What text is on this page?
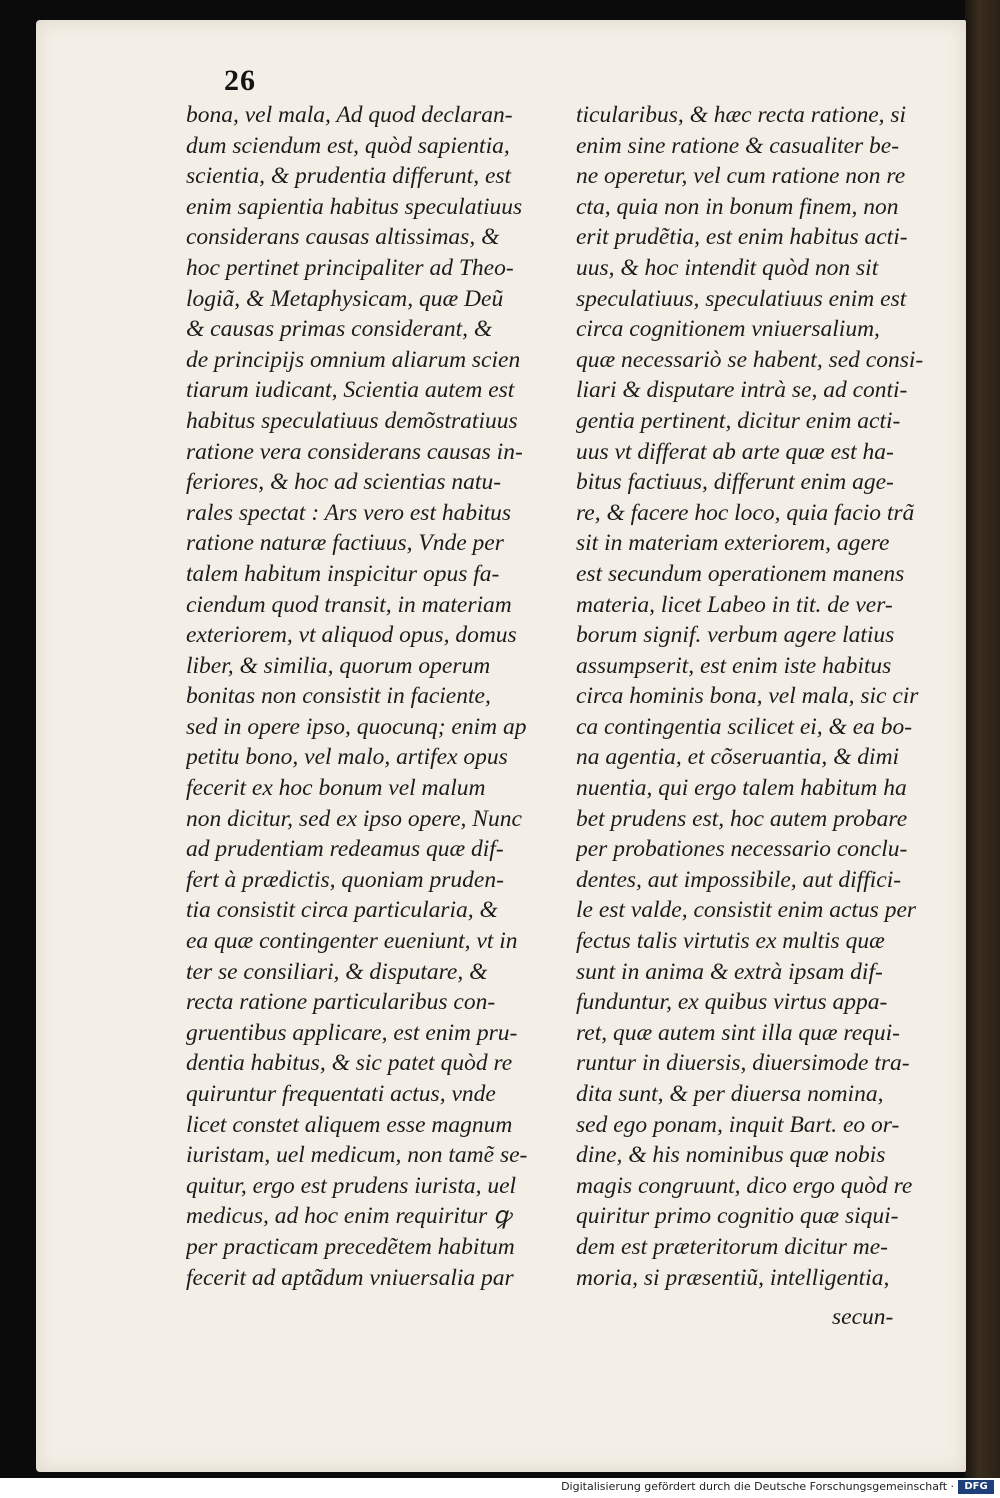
26
bona, vel mala, Ad quod declaran-
dum sciendum est, quòd sapientia,
scientia, & prudentia differunt, est
enim sapientia habitus speculatiuus
considerans causas altissimas, &
hoc pertinet principaliter ad Theo-
logiã, & Metaphysicam, quæ Deũ
& causas primas considerant, &
de principijs omnium aliarum scien
tiarum iudicant, Scientia autem est
habitus speculatiuus demõstratiuus
ratione vera considerans causas in-
feriores, & hoc ad scientias natu-
rales spectat : Ars vero est habitus
ratione naturæ factiuus, Vnde per
talem habitum inspicitur opus fa-
ciendum quod transit, in materiam
exteriorem, vt aliquod opus, domus
liber, & similia, quorum operum
bonitas non consistit in faciente,
sed in opere ipso, quocunq; enim ap
petitu bono, vel malo, artifex opus
fecerit ex hoc bonum vel malum
non dicitur, sed ex ipso opere, Nunc
ad prudentiam redeamus quæ dif-
fert à prædictis, quoniam pruden-
tia consistit circa particularia, &
ea quæ contingenter eueniunt, vt in
ter se consiliari, & disputare, &
recta ratione particularibus con-
gruentibus applicare, est enim pru-
dentia habitus, & sic patet quòd re
quiruntur frequentati actus, vnde
licet constet aliquem esse magnum
iuristam, uel medicum, non tamẽ se-
quitur, ergo est prudens iurista, uel
medicus, ad hoc enim requiritur ꝙ
per practicam precedẽtem habitum
fecerit ad aptãdum vniuersalia par
ticularibus, & hæc recta ratione, si
enim sine ratione & casualiter be-
ne operetur, vel cum ratione non re
cta, quia non in bonum finem, non
erit prudẽtia, est enim habitus acti-
uus, & hoc intendit quòd non sit
speculatiuus, speculatiuus enim est
circa cognitionem vniuersalium,
quæ necessariò se habent, sed consi-
liari & disputare intrà se, ad conti-
gentia pertinent, dicitur enim acti-
uus vt differat ab arte quæ est ha-
bitus factiuus, differunt enim age-
re, & facere hoc loco, quia facio trã
sit in materiam exteriorem, agere
est secundum operationem manens
materia, licet Labeo in tit. de ver-
borum signif. verbum agere latius
assumpserit, est enim iste habitus
circa hominis bona, vel mala, sic cir
ca contingentia scilicet ei, & ea bo-
na agentia, et cõseruantia, & dimi
nuentia, qui ergo talem habitum ha
bet prudens est, hoc autem probare
per probationes necessario conclu-
dentes, aut impossibile, aut diffici-
le est valde, consistit enim actus per
fectus talis virtutis ex multis quæ
sunt in anima & extrà ipsam dif-
funduntur, ex quibus virtus appa-
ret, quæ autem sint illa quæ requi-
runtur in diuersis, diuersimode tra-
dita sunt, & per diuersa nomina,
sed ego ponam, inquit Bart. eo or-
dine, & his nominibus quæ nobis
magis congruunt, dico ergo quòd re
quiritur primo cognitio quæ siqui-
dem est præteritorum dicitur me-
moria, si præsentiũ, intelligentia,
secun-
Digitalisierung gefördert durch die Deutsche Forschungsgemeinschaft ·	DFG
